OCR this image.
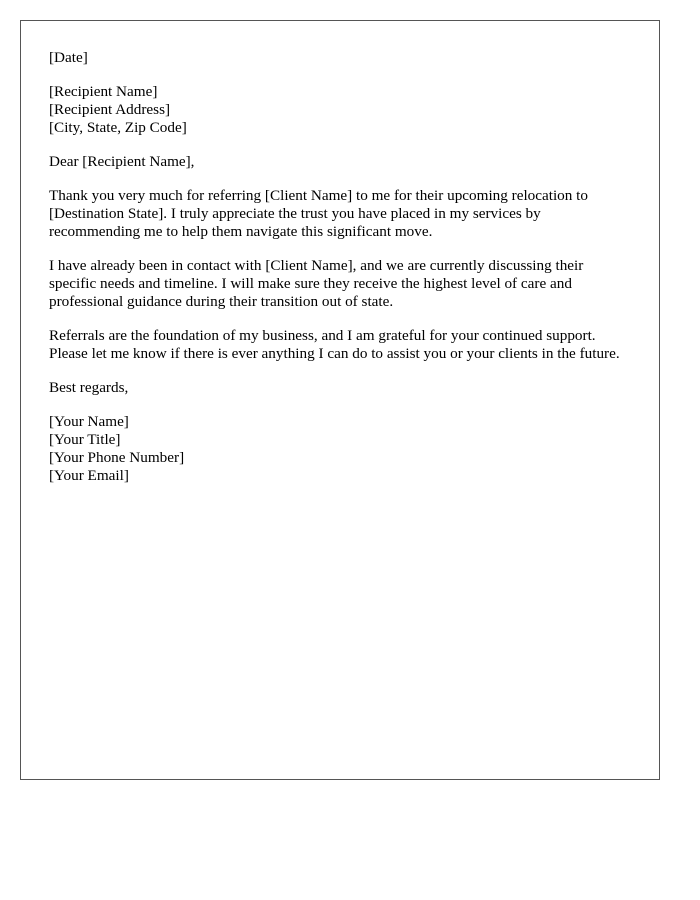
[Date]
[Recipient Name]
[Recipient Address]
[City, State, Zip Code]
Dear [Recipient Name],
Thank you very much for referring [Client Name] to me for their upcoming relocation to [Destination State]. I truly appreciate the trust you have placed in my services by recommending me to help them navigate this significant move.
I have already been in contact with [Client Name], and we are currently discussing their specific needs and timeline. I will make sure they receive the highest level of care and professional guidance during their transition out of state.
Referrals are the foundation of my business, and I am grateful for your continued support. Please let me know if there is ever anything I can do to assist you or your clients in the future.
Best regards,
[Your Name]
[Your Title]
[Your Phone Number]
[Your Email]
